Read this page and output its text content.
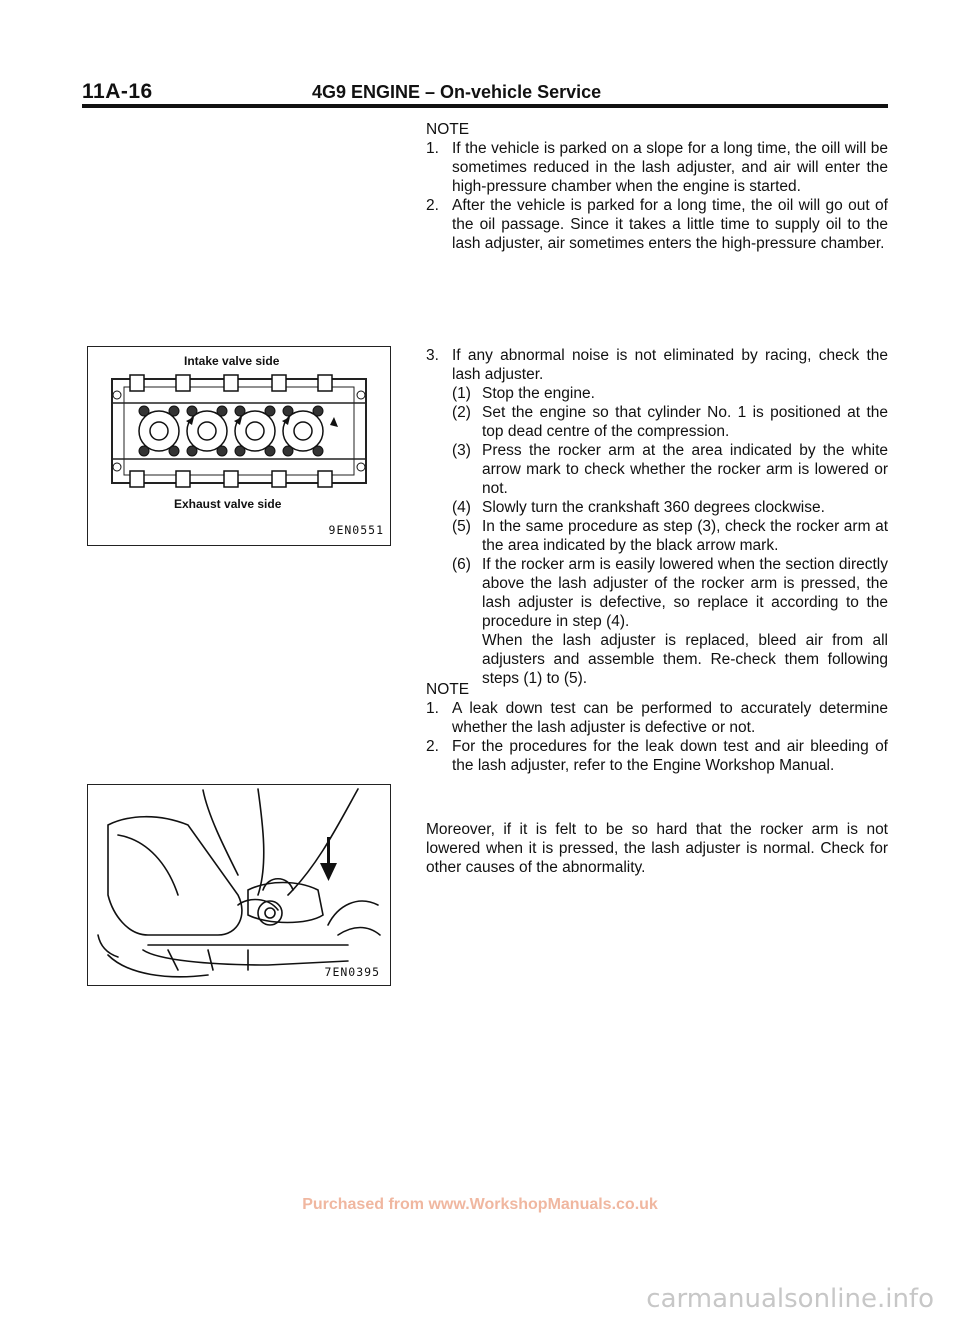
11A-16	4G9 ENGINE – On-vehicle Service

NOTE

1. If the vehicle is parked on a slope for a long time, the oill will be sometimes reduced in the lash adjuster, and air will enter the high-pressure chamber when the engine is started.
2. After the vehicle is parked for a long time, the oil will go out of the oil passage. Since it takes a little time to supply oil to the lash adjuster, air sometimes enters the high-pressure chamber.
3. If any abnormal noise is not eliminated by racing, check the lash adjuster.
(1) Stop the engine.
(2) Set the engine so that cylinder No. 1 is positioned at the top dead centre of the compression.
(3) Press the rocker arm at the area indicated by the white arrow mark to check whether the rocker arm is lowered or not.
(4) Slowly turn the crankshaft 360 degrees clockwise.
(5) In the same procedure as step (3), check the rocker arm at the area indicated by the black arrow mark.
(6) If the rocker arm is easily lowered when the section directly above the lash adjuster of the rocker arm is pressed, the lash adjuster is defective, so replace it according to the procedure in step (4).
When the lash adjuster is replaced, bleed air from all adjusters and assemble them. Re-check them following steps (1) to (5).

NOTE

1. A leak down test can be performed to accurately determine whether the lash adjuster is defective or not.
2. For the procedures for the leak down test and air bleeding of the lash adjuster, refer to the Engine Workshop Manual.

Moreover, if it is felt to be so hard that the rocker arm is not lowered when it is pressed, the lash adjuster is normal. Check for other causes of the abnormality.

Intake valve side
Exhaust valve side
9EN0551
7EN0395
Purchased from www.WorkshopManuals.co.uk
carmanualsonline.info
